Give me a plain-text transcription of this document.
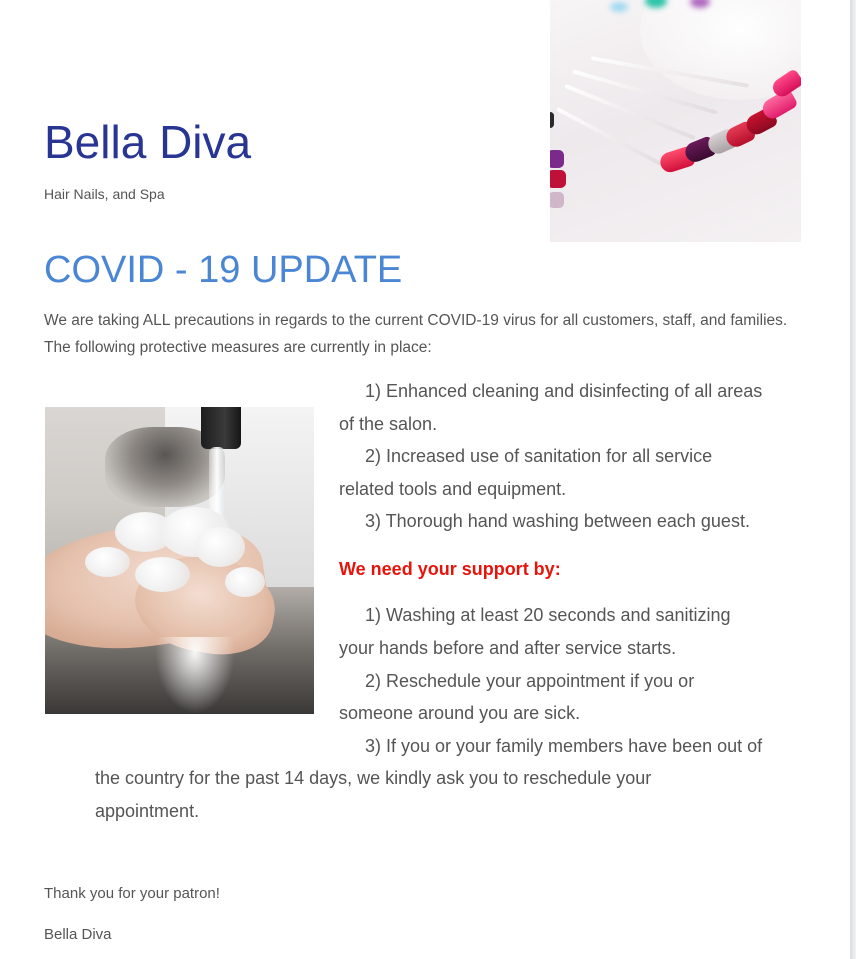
Bella Diva
Hair Nails, and Spa
COVID - 19 UPDATE
We are taking ALL precautions in regards to the current COVID-19 virus for all customers, staff, and families. The following protective measures are currently in place:
1) Enhanced cleaning and disinfecting of all areas
of the salon.
2) Increased use of sanitation for all service
related tools and equipment.
3) Thorough hand washing between each guest.
We need your support by:
1) Washing at least 20 seconds and sanitizing
your hands before and after service starts.
2) Reschedule your appointment if you or
someone around you are sick.
3) If you or your family members have been out of
the country for the past 14 days, we kindly ask you to reschedule your
appointment.
Thank you for your patron!
Bella Diva
